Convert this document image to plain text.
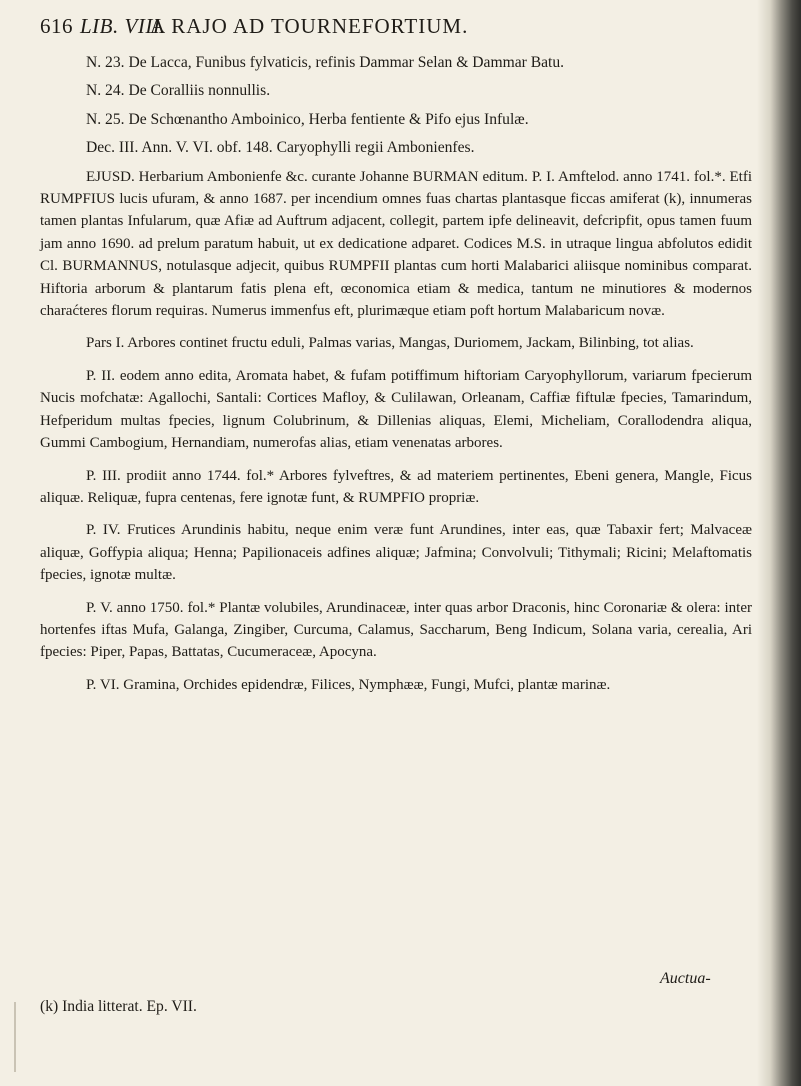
616 LIB. VIII.
A RAJO AD TOURNEFORTIUM.

N. 23. De Lacca, Funibus fylvaticis, refinis Dammar Selan & Dammar Batu.

N. 24. De Coralliis nonnullis.

N. 25. De Schœnantho Amboinico, Herba fentiente & Pifo ejus Infulæ.

Dec. III. Ann. V. VI. obf. 148. Caryophylli regii Ambonienfes.

EJUSD. Herbarium Ambonienfe &c. curante Johanne BURMAN editum. P. I. Amftelod. anno 1741. fol.*. Etfi RUMPFIUS lucis ufuram, & anno 1687. per incendium omnes fuas chartas plantasque ficcas amiferat (k), innumeras tamen plantas Infularum, quæ Afiæ ad Auftrum adjacent, collegit, partem ipfe delineavit, defcripfit, opus tamen fuum jam anno 1690. ad prelum paratum habuit, ut ex dedicatione adparet. Codices M.S. in utraque lingua abfolutos edidit Cl. BURMANNUS, notulasque adjecit, quibus RUMPFII plantas cum horti Malabarici aliisque nominibus comparat. Hiftoria arborum & plantarum fatis plena eft, œconomica etiam & medica, tantum ne minutiores & modernos charaćteres florum requiras. Numerus immenfus eft, plurimæque etiam poft hortum Malabaricum novæ.

Pars I. Arbores continet fructu eduli, Palmas varias, Mangas, Duriomem, Jackam, Bilinbing, tot alias.

P. II. eodem anno edita, Aromata habet, & fufam potiffimum hiftoriam Caryophyllorum, variarum fpecierum Nucis mofchatæ: Agallochi, Santali: Cortices Mafloy, & Culilawan, Orleanam, Caffiæ fiftulæ fpecies, Tamarindum, Hefperidum multas fpecies, lignum Colubrinum, & Dillenias aliquas, Elemi, Micheliam, Corallodendra aliqua, Gummi Cambogium, Hernandiam, numerofas alias, etiam venenatas arbores.

P. III. prodiit anno 1744. fol.* Arbores fylveftres, & ad materiem pertinentes, Ebeni genera, Mangle, Ficus aliquæ. Reliquæ, fupra centenas, fere ignotæ funt, & RUMPFIO propriæ.

P. IV. Frutices Arundinis habitu, neque enim veræ funt Arundines, inter eas, quæ Tabaxir fert; Malvaceæ aliquæ, Goffypia aliqua; Henna; Papilionaceis adfines aliquæ; Jafmina; Convolvuli; Tithymali; Ricini; Melaftomatis fpecies, ignotæ multæ.

P. V. anno 1750. fol.* Plantæ volubiles, Arundinaceæ, inter quas arbor Draconis, hinc Coronariæ & olera: inter hortenfes iftas Mufa, Galanga, Zingiber, Curcuma, Calamus, Saccharum, Beng Indicum, Solana varia, cerealia, Ari fpecies: Piper, Papas, Battatas, Cucumeraceæ, Apocyna.

P. VI. Gramina, Orchides epidendræ, Filices, Nymphææ, Fungi, Mufci, plantæ marinæ.

Auctua-
(k) India litterat. Ep. VII.
